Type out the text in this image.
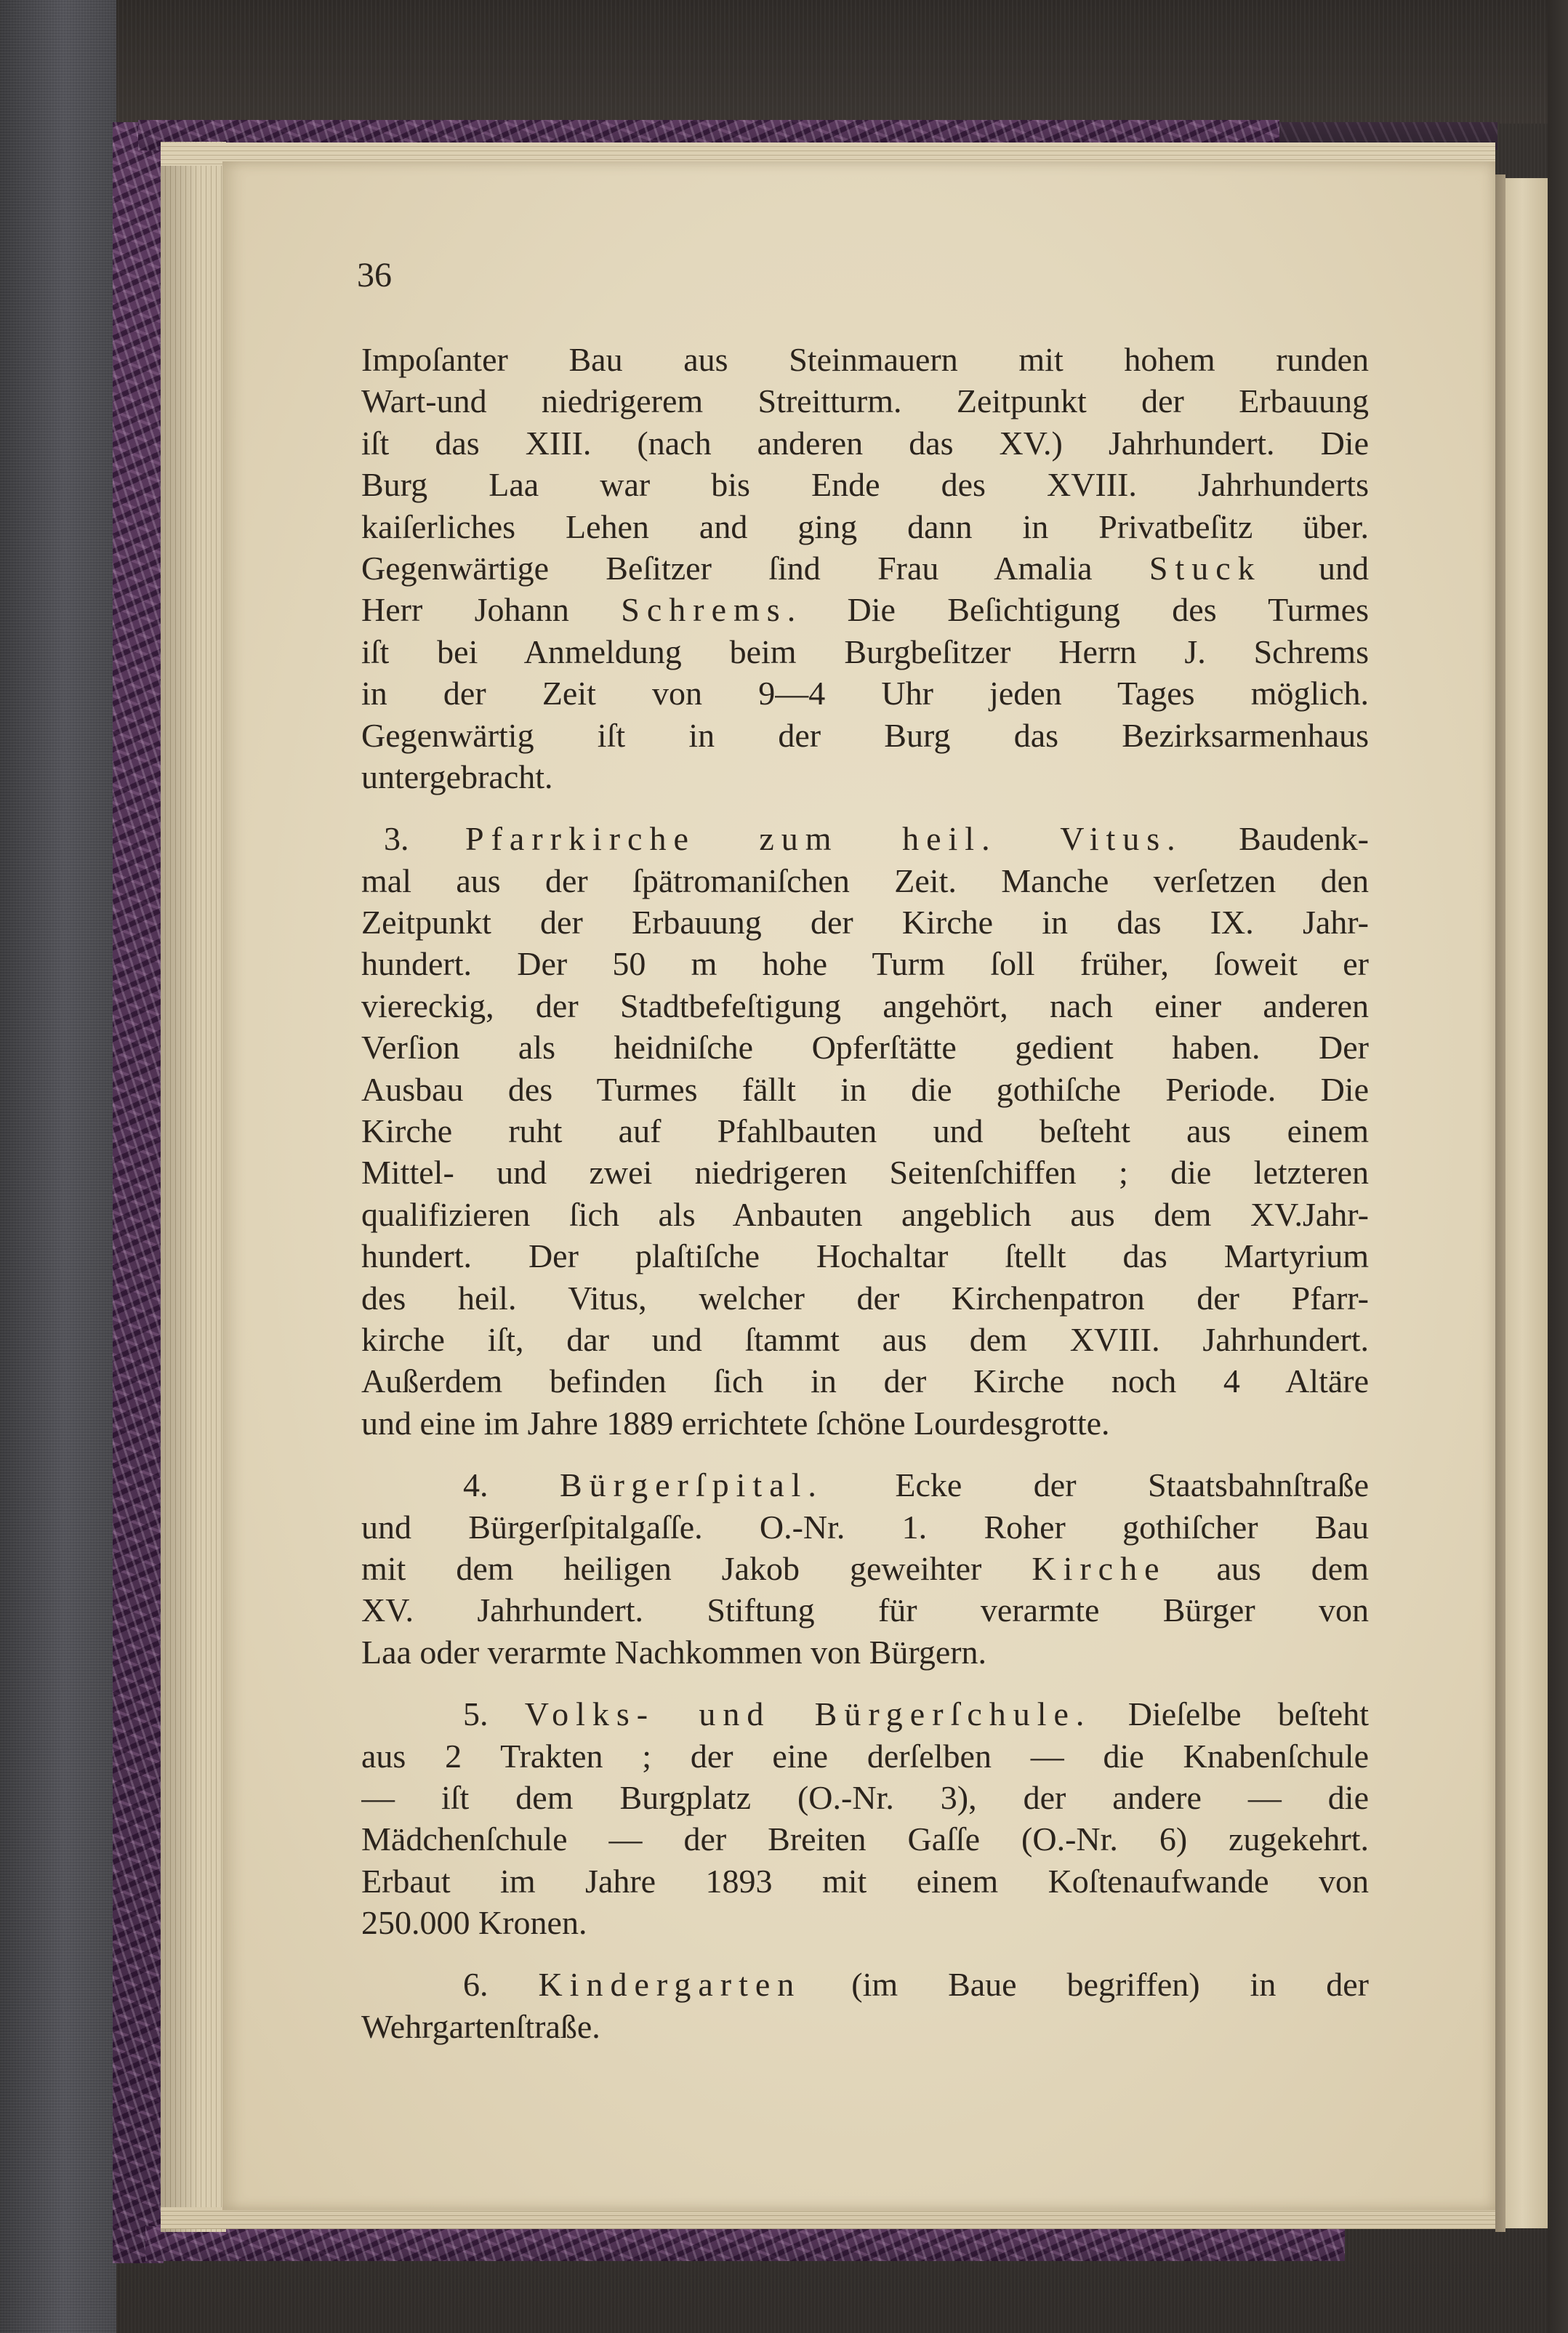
36
Impoſanter Bau aus Steinmauern mit hohem runden
Wart-und niedrigerem Streitturm. Zeitpunkt der Erbauung
iſt das XIII. (nach anderen das XV.) Jahrhundert. Die
Burg Laa war bis Ende des XVIII. Jahrhunderts
kaiſerliches Lehen and ging dann in Privatbeſitz über.
Gegenwärtige Beſitzer ſind Frau Amalia Stuck und
Herr Johann Schrems. Die Beſichtigung des Turmes
iſt bei Anmeldung beim Burgbeſitzer Herrn J. Schrems
in der Zeit von 9—4 Uhr jeden Tages möglich.
Gegenwärtig iſt in der Burg das Bezirksarmenhaus
untergebracht.
3. Pfarrkirche zum heil. Vitus. Baudenk-
mal aus der ſpätromaniſchen Zeit. Manche verſetzen den
Zeitpunkt der Erbauung der Kirche in das IX. Jahr-
hundert. Der 50 m hohe Turm ſoll früher, ſoweit er
viereckig, der Stadtbefeſtigung angehört, nach einer anderen
Verſion als heidniſche Opferſtätte gedient haben. Der
Ausbau des Turmes fällt in die gothiſche Periode. Die
Kirche ruht auf Pfahlbauten und beſteht aus einem
Mittel- und zwei niedrigeren Seitenſchiffen ; die letzteren
qualifizieren ſich als Anbauten angeblich aus dem XV.Jahr-
hundert. Der plaſtiſche Hochaltar ſtellt das Martyrium
des heil. Vitus, welcher der Kirchenpatron der Pfarr-
kirche iſt, dar und ſtammt aus dem XVIII. Jahrhundert.
Außerdem befinden ſich in der Kirche noch 4 Altäre
und eine im Jahre 1889 errichtete ſchöne Lourdesgrotte.
4. Bürgerſpital. Ecke der Staatsbahnſtraße
und Bürgerſpitalgaſſe. O.-Nr. 1. Roher gothiſcher Bau
mit dem heiligen Jakob geweihter Kirche aus dem
XV. Jahrhundert. Stiftung für verarmte Bürger von
Laa oder verarmte Nachkommen von Bürgern.
5. Volks- und Bürgerſchule. Dieſelbe beſteht
aus 2 Trakten ; der eine derſelben — die Knabenſchule
— iſt dem Burgplatz (O.-Nr. 3), der andere — die
Mädchenſchule — der Breiten Gaſſe (O.-Nr. 6) zugekehrt.
Erbaut im Jahre 1893 mit einem Koſtenaufwande von
250.000 Kronen.
6. Kindergarten (im Baue begriffen) in der
Wehrgartenſtraße.
